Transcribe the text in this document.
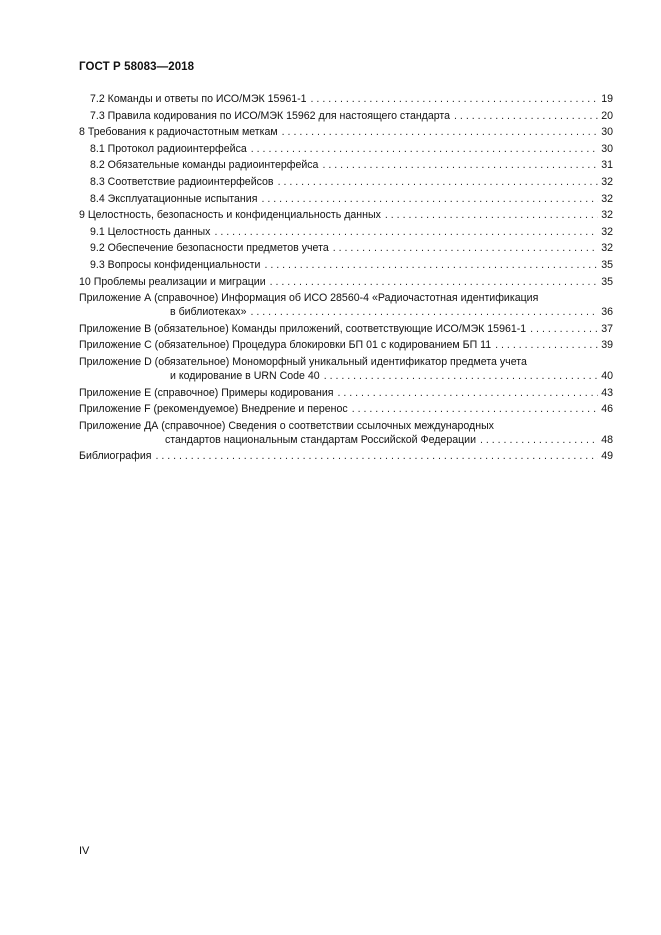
ГОСТ Р 58083—2018
7.2 Команды и ответы по ИСО/МЭК 15961-1 . . .	19
7.3 Правила кодирования по ИСО/МЭК 15962 для настоящего стандарта . . .	20
8 Требования к радиочастотным меткам . . .	30
8.1 Протокол радиоинтерфейса . . .	30
8.2 Обязательные команды радиоинтерфейса . . .	31
8.3 Соответствие радиоинтерфейсов . . .	32
8.4 Эксплуатационные испытания . . .	32
9 Целостность, безопасность и конфиденциальность данных . . .	32
9.1 Целостность данных . . .	32
9.2 Обеспечение безопасности предметов учета . . .	32
9.3 Вопросы конфиденциальности . . .	35
10 Проблемы реализации и миграции . . .	35
Приложение А (справочное) Информация об ИСО 28560-4 «Радиочастотная идентификация
в библиотеках» . . .	36
Приложение В (обязательное) Команды приложений, соответствующие ИСО/МЭК 15961-1 . . .	37
Приложение С (обязательное) Процедура блокировки БП 01 с кодированием БП 11 . . .	39
Приложение D (обязательное) Мономорфный уникальный идентификатор предмета учета
и кодирование в URN Code 40 . . .	40
Приложение Е (справочное) Примеры кодирования . . .	43
Приложение F (рекомендуемое) Внедрение и перенос . . .	46
Приложение ДА (справочное) Сведения о соответствии ссылочных международных
стандартов национальным стандартам Российской Федерации . . .	48
Библиография . . .	49
IV
